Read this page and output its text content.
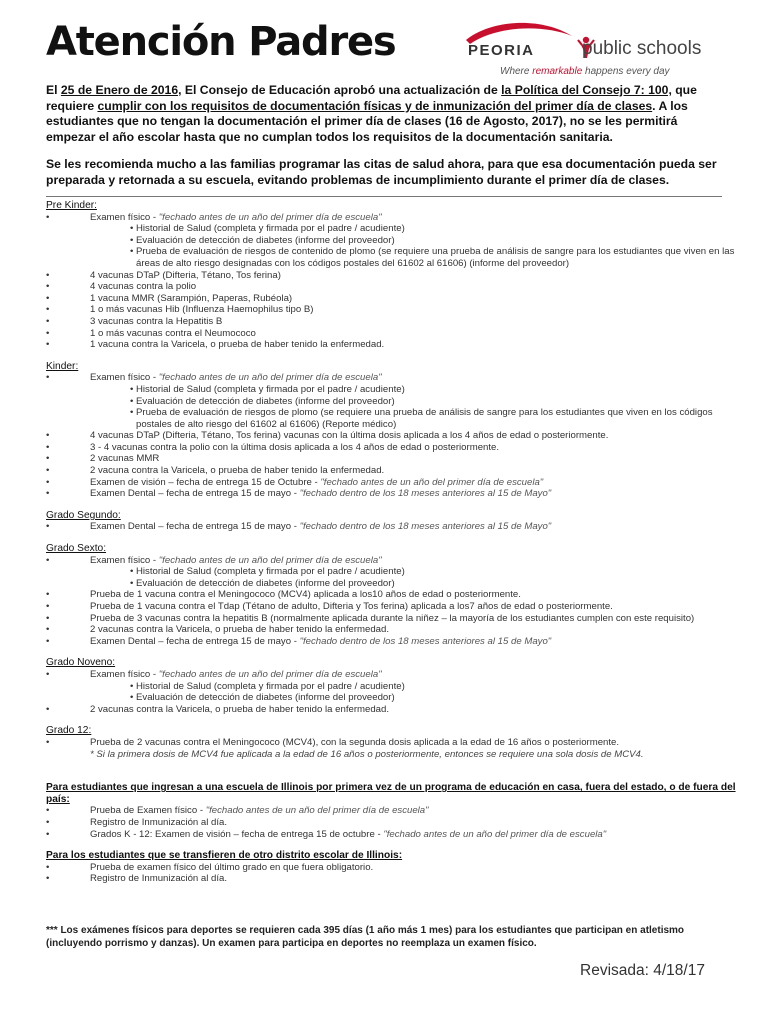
Atención Padres	PEORIA public schools
Where remarkable happens every day

El 25 de Enero de 2016, El Consejo de Educación aprobó una actualización de la Política del Consejo 7: 100, que requiere cumplir con los requisitos de documentación físicas y de inmunización del primer día de clases. A los estudiantes que no tengan la documentación el primer día de clases (16 de Agosto, 2017), no se les permitirá empezar el año escolar hasta que no cumplan todos los requisitos de la documentación sanitaria.

Se les recomienda mucho a las familias programar las citas de salud ahora, para que esa documentación pueda ser preparada y retornada a su escuela, evitando problemas de incumplimiento durante el primer día de clases.

Pre Kinder:
•	Examen físico - "fechado antes de un año del primer día de escuela"
• Historial de Salud (completa y firmada por el padre / acudiente)
• Evaluación de detección de diabetes (informe del proveedor)
• Prueba de evaluación de riesgos de contenido de plomo (se requiere una prueba de análisis de sangre para los estudiantes que viven en las áreas de alto riesgo designadas con los códigos postales del 61602 al 61606) (informe del proveedor)
•	4 vacunas DTaP (Difteria, Tétano, Tos ferina)
•	4 vacunas contra la polio
•	1 vacuna MMR (Sarampión, Paperas, Rubéola)
•	1 o más vacunas Hib (Influenza Haemophilus tipo B)
•	3 vacunas contra la Hepatitis B
•	1 o más vacunas contra el Neumococo
•	1 vacuna contra la Varicela, o prueba de haber tenido la enfermedad.
Kinder:
•	Examen físico - "fechado antes de un año del primer día de escuela"
• Historial de Salud (completa y firmada por el padre / acudiente)
• Evaluación de detección de diabetes (informe del proveedor)
• Prueba de evaluación de riesgos de plomo (se requiere una prueba de análisis de sangre para los estudiantes que viven en los códigos postales de alto riesgo del 61602 al 61606) (Reporte médico)
•	4 vacunas DTaP (Difteria, Tétano, Tos ferina) vacunas con la última dosis aplicada a los 4 años de edad o posteriormente.
•	3 - 4 vacunas contra la polio con la última dosis aplicada a los 4 años de edad o posteriormente.
•	2 vacunas MMR
•	2 vacuna contra la Varicela, o prueba de haber tenido la enfermedad.
•	Examen de visión – fecha de entrega 15 de Octubre - "fechado antes de un año del primer día de escuela"
•	Examen Dental – fecha de entrega 15 de mayo - "fechado dentro de los 18 meses anteriores al 15 de Mayo"
Grado Segundo:
•	Examen Dental – fecha de entrega 15 de mayo - "fechado dentro de los 18 meses anteriores al 15 de Mayo"
Grado Sexto:
•	Examen físico - "fechado antes de un año del primer día de escuela"
• Historial de Salud (completa y firmada por el padre / acudiente)
• Evaluación de detección de diabetes (informe del proveedor)
•	Prueba de 1 vacuna contra el Meningococo (MCV4) aplicada a los10 años de edad o posteriormente.
•	Prueba de 1 vacuna contra el Tdap (Tétano de adulto, Difteria y Tos ferina) aplicada a los7 años de edad o posteriormente.
•	Prueba de 3 vacunas contra la hepatitis B (normalmente aplicada durante la niñez – la mayoría de los estudiantes cumplen con este requisito)
•	2 vacunas contra la Varicela, o prueba de haber tenido la enfermedad.
•	Examen Dental – fecha de entrega 15 de mayo - "fechado dentro de los 18 meses anteriores al 15 de Mayo"
Grado Noveno:
•	Examen físico - "fechado antes de un año del primer día de escuela"
• Historial de Salud (completa y firmada por el padre / acudiente)
• Evaluación de detección de diabetes (informe del proveedor)
•	2 vacunas contra la Varicela, o prueba de haber tenido la enfermedad.
Grado 12:
•	Prueba de 2 vacunas contra el Meningococo (MCV4), con la segunda dosis aplicada a la edad de 16 años o posteriormente.
* Si la primera dosis de MCV4 fue aplicada a la edad de 16 años o posteriormente, entonces se requiere una sola dosis de MCV4.
Para estudiantes que ingresan a una escuela de Illinois por primera vez de un programa de educación en casa, fuera del estado, o de fuera del país:
•	Prueba de Examen físico - "fechado antes de un año del primer día de escuela"
•	Registro de Inmunización al día.
•	Grados K - 12: Examen de visión – fecha de entrega 15 de octubre - "fechado antes de un año del primer día de escuela"
Para los estudiantes que se transfieren de otro distrito escolar de Illinois:
•	Prueba de examen físico del último grado en que fuera obligatorio.
•	Registro de Inmunización al día.
*** Los exámenes físicos para deportes se requieren cada 395 días (1 año más 1 mes) para los estudiantes que participan en atletismo (incluyendo porrismo y danzas). Un examen para participa en deportes no reemplaza un examen físico.
Revisada: 4/18/17
